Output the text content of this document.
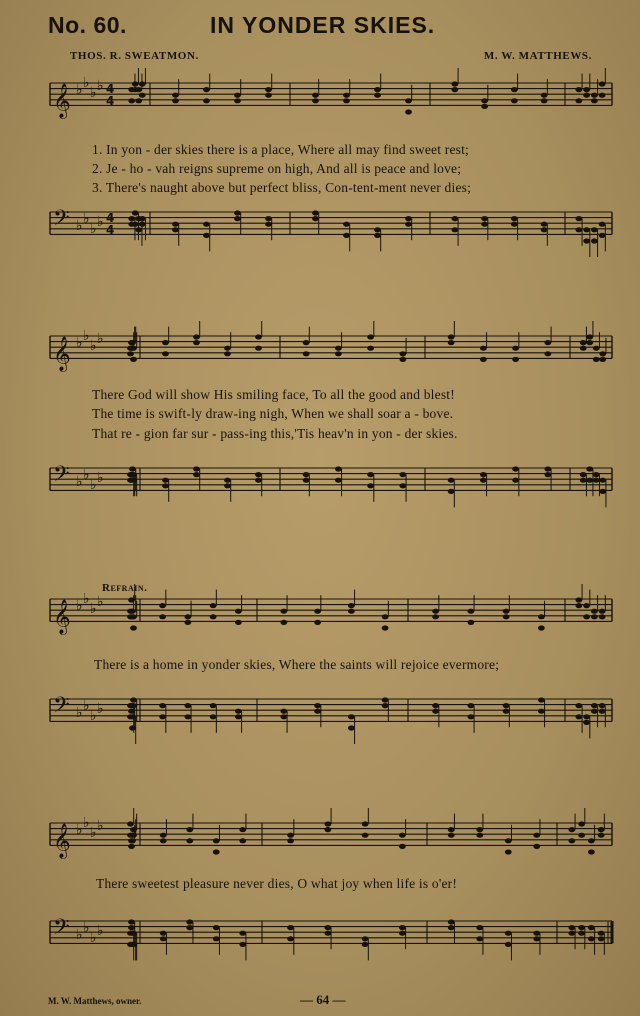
No. 60.	IN YONDER SKIES.
THOS. R. SWEATMON.	M. W. MATTHEWS.
𝄞 ♭ ♭
♭ ♭ 4
4
𝄢 ♭ ♭
♭ ♭ 4
4
𝄞 ♭ ♭
♭ ♭
𝄢 ♭ ♭
♭ ♭
𝄞 ♭ ♭
♭ ♭
𝄢 ♭ ♭
♭ ♭
𝄞 ♭ ♭
♭ ♭
𝄢 ♭ ♭
♭ ♭
1. In yon - der skies there is a place, Where all may find sweet rest;
2. Je - ho - vah reigns supreme on high, And all is peace and love;
3. There's naught above but perfect bliss, Con-tent-ment never dies;
There God will show His smiling face, To all the good and blest!
The time is swift-ly draw-ing nigh, When we shall soar a - bove.
That re - gion far sur - pass-ing this,'Tis heav'n in yon - der skies.
Refrain.
There is a home in yonder skies, Where the saints will rejoice evermore;
There sweetest pleasure never dies, O what joy when life is o'er!
M. W. Matthews, owner.	— 64 —
